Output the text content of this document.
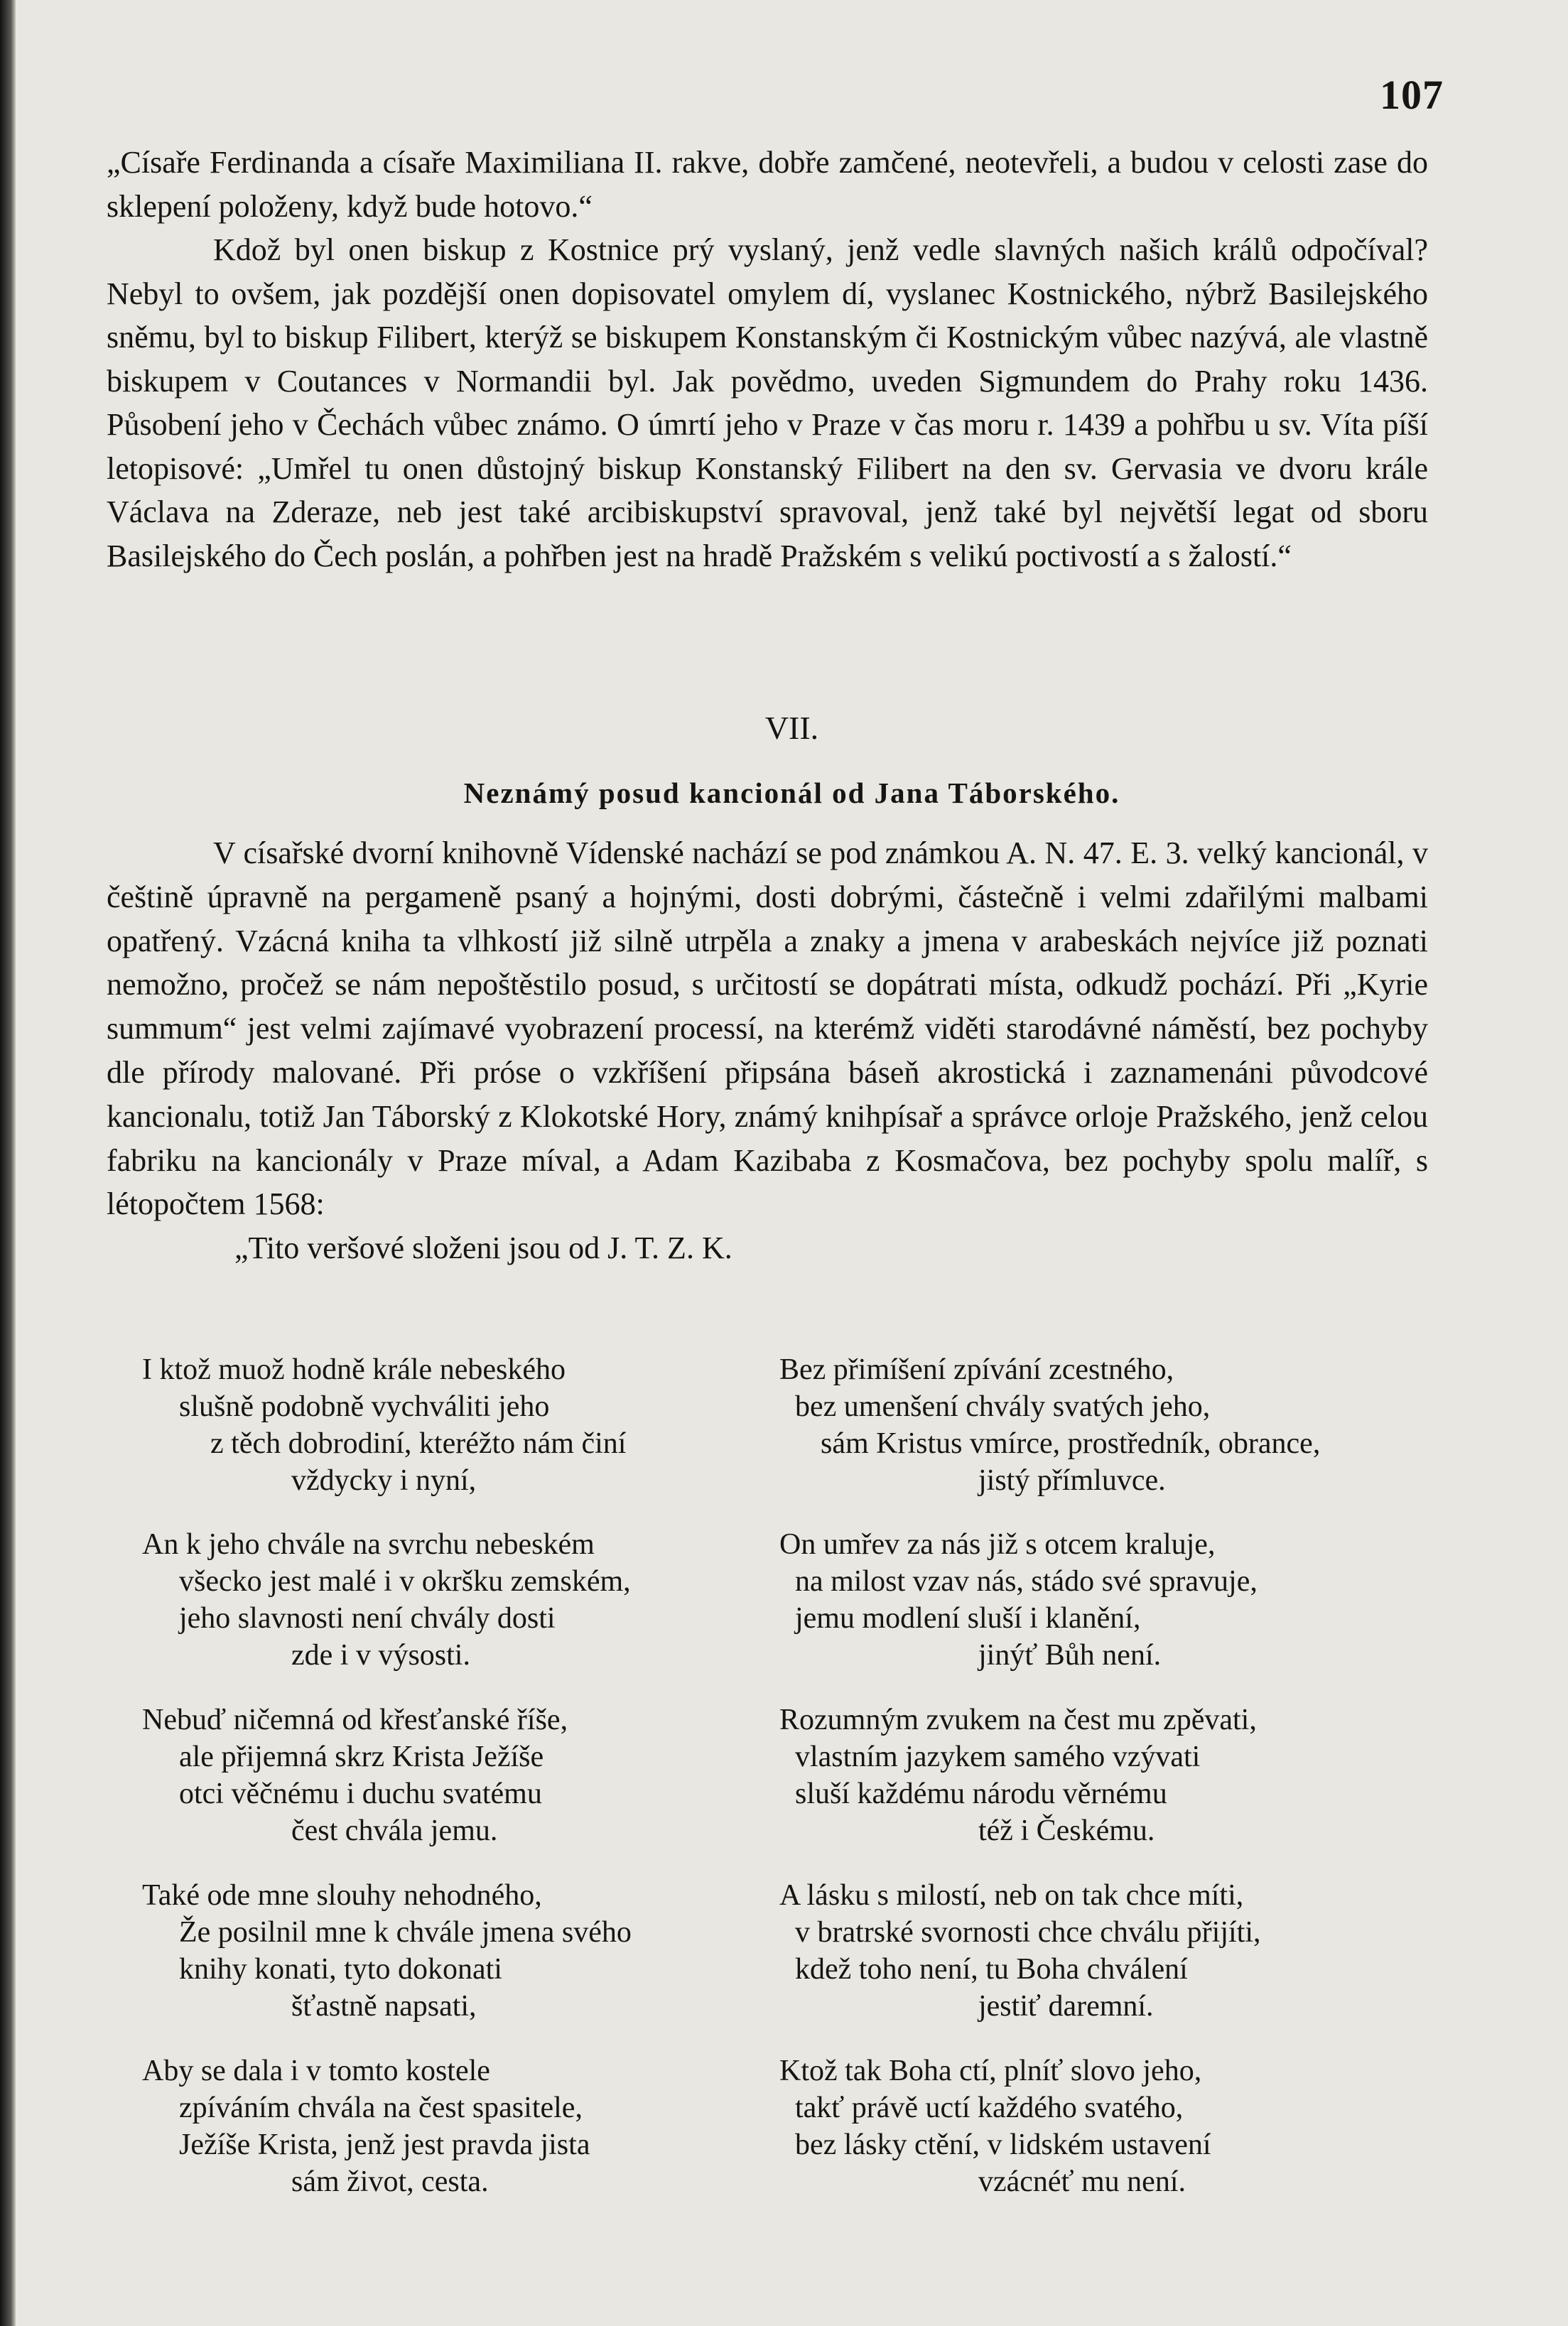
107

„Císaře Ferdinanda a císaře Maximiliana II. rakve, dobře zamčené, neotevřeli, a budou v celosti zase do sklepení položeny, když bude hotovo.“

Kdož byl onen biskup z Kostnice prý vyslaný, jenž vedle slavných našich králů odpočíval? Nebyl to ovšem, jak pozdější onen dopisovatel omylem dí, vyslanec Kostnického, nýbrž Basilejského sněmu, byl to biskup Filibert, kterýž se biskupem Konstanským či Kostnickým vůbec nazývá, ale vlastně biskupem v Coutances v Normandii byl. Jak povědmo, uveden Sigmundem do Prahy roku 1436. Působení jeho v Čechách vůbec známo. O úmrtí jeho v Praze v čas moru r. 1439 a pohřbu u sv. Víta píší letopisové: „Umřel tu onen důstojný biskup Konstanský Filibert na den sv. Gervasia ve dvoru krále Václava na Zderaze, neb jest také arcibiskupství spravoval, jenž také byl největší legat od sboru Basilejského do Čech poslán, a pohřben jest na hradě Pražském s velikú poctivostí a s žalostí.“

VII.
Neznámý posud kancionál od Jana Táborského.

V císařské dvorní knihovně Vídenské nachází se pod známkou A. N. 47. E. 3. velký kancionál, v češtině úpravně na pergameně psaný a hojnými, dosti dobrými, částečně i velmi zdařilými malbami opatřený. Vzácná kniha ta vlhkostí již silně utrpěla a znaky a jmena v arabeskách nejvíce již poznati nemožno, pročež se nám nepoštěstilo posud, s určitostí se dopátrati místa, odkudž pochází. Při „Kyrie summum“ jest velmi zajímavé vyobrazení processí, na kterémž viděti starodávné náměstí, bez pochyby dle přírody malované. Při próse o vzkříšení připsána báseň akrostická i zaznamenáni původcové kancionalu, totiž Jan Táborský z Klokotské Hory, známý knihpísař a správce orloje Pražského, jenž celou fabriku na kancionály v Praze míval, a Adam Kazibaba z Kosmačova, bez pochyby spolu malíř, s létopočtem 1568:

„Tito veršové složeni jsou od J. T. Z. K.

I ktož muož hodně krále nebeského
slušně podobně vychváliti jeho
z těch dobrodiní, kteréžto nám činí
vždycky i nyní,
An k jeho chvále na svrchu nebeském
všecko jest malé i v okršku zemském,
jeho slavnosti není chvály dosti
zde i v výsosti.
Nebuď ničemná od křesťanské říše,
ale přijemná skrz Krista Ježíše
otci věčnému i duchu svatému
čest chvála jemu.
Také ode mne slouhy nehodného,
Že posilnil mne k chvále jmena svého
knihy konati, tyto dokonati
šťastně napsati,
Aby se dala i v tomto kostele
zpíváním chvála na čest spasitele,
Ježíše Krista, jenž jest pravda jista
sám život, cesta.
Bez přimíšení zpívání zcestného,
bez umenšení chvály svatých jeho,
sám Kristus vmírce, prostředník, obrance,
jistý přímluvce.
On umřev za nás již s otcem kraluje,
na milost vzav nás, stádo své spravuje,
jemu modlení sluší i klanění,
jinýť Bůh není.
Rozumným zvukem na čest mu zpěvati,
vlastním jazykem samého vzývati
sluší každému národu věrnému
též i Českému.
A lásku s milostí, neb on tak chce míti,
v bratrské svornosti chce chválu přijíti,
kdež toho není, tu Boha chválení
jestiť daremní.
Ktož tak Boha ctí, plníť slovo jeho,
takť právě uctí každého svatého,
bez lásky ctění, v lidském ustavení
vzácnéť mu není.
